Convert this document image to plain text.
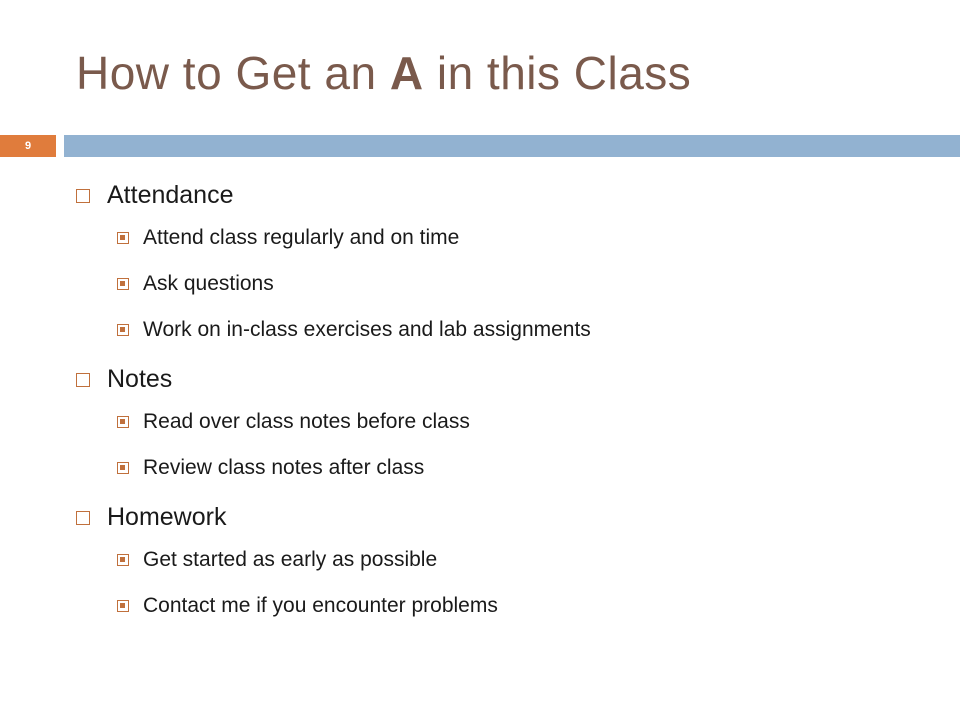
How to Get an A in this Class
9
Attendance
Attend class regularly and on time
Ask questions
Work on in-class exercises and lab assignments
Notes
Read over class notes before class
Review class notes after class
Homework
Get started as early as possible
Contact me if you encounter problems
